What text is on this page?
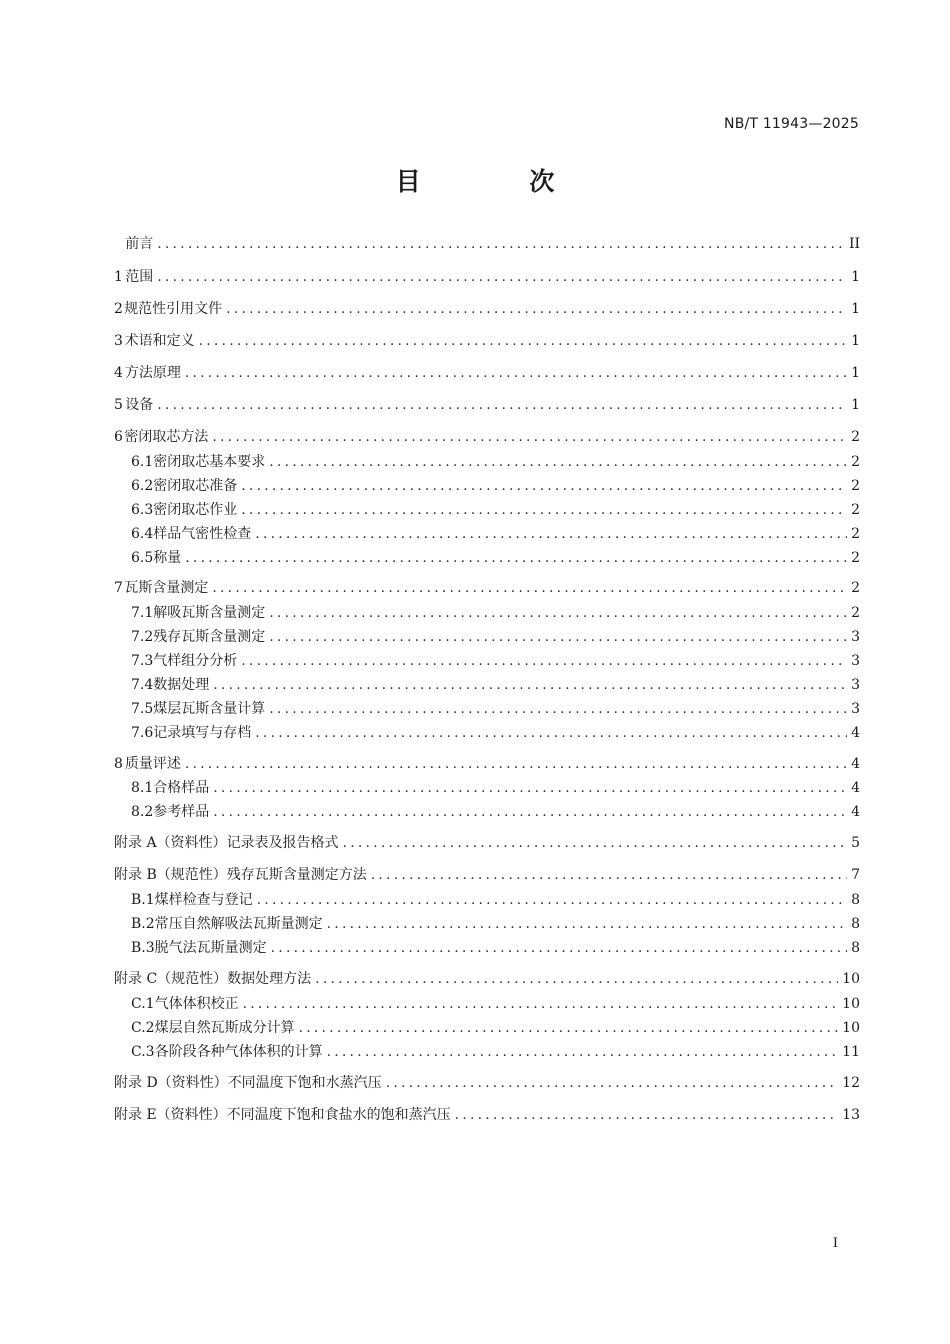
NB/T 11943—2025
目 次
前言 .....	II
1 范围 .....	1
2 规范性引用文件 .....	1
3 术语和定义 .....	1
4 方法原理 .....	1
5 设备 .....	1
6 密闭取芯方法 .....	2
6.1 密闭取芯基本要求 .....	2
6.2 密闭取芯准备 .....	2
6.3 密闭取芯作业 .....	2
6.4 样品气密性检查 .....	2
6.5 称量 .....	2
7 瓦斯含量测定 .....	2
7.1 解吸瓦斯含量测定 .....	2
7.2 残存瓦斯含量测定 .....	3
7.3 气样组分分析 .....	3
7.4 数据处理 .....	3
7.5 煤层瓦斯含量计算 .....	3
7.6 记录填写与存档 .....	4
8 质量评述 .....	4
8.1 合格样品 .....	4
8.2 参考样品 .....	4
附录 A（资料性） 记录表及报告格式 .....	5
附录 B（规范性） 残存瓦斯含量测定方法 .....	7
B.1 煤样检查与登记 .....	8
B.2 常压自然解吸法瓦斯量测定 .....	8
B.3 脱气法瓦斯量测定 .....	8
附录 C（规范性） 数据处理方法 .....	10
C.1 气体体积校正 .....	10
C.2 煤层自然瓦斯成分计算 .....	10
C.3 各阶段各种气体体积的计算 .....	11
附录 D（资料性） 不同温度下饱和水蒸汽压 .....	12
附录 E（资料性） 不同温度下饱和食盐水的饱和蒸汽压 .....	13
I
